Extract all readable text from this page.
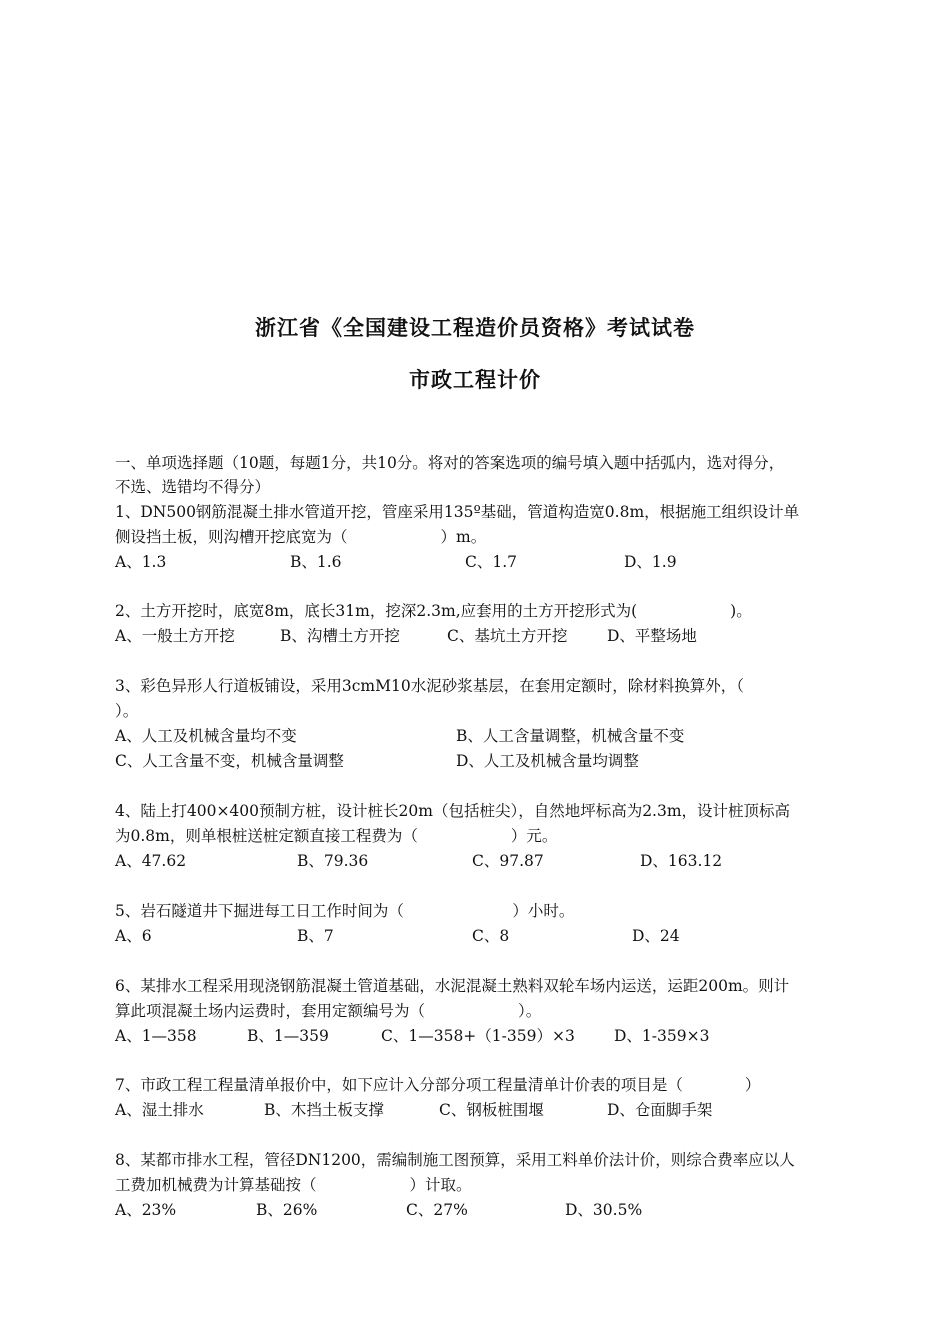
浙江省《全国建设工程造价员资格》考试试卷
市政工程计价
一、单项选择题（10题，每题1分，共10分。将对的答案选项的编号填入题中括弧内，选对得分，
不选、选错均不得分）
1、DN500钢筋混凝土排水管道开挖，管座采用135º基础，管道构造宽0.8m，根据施工组织设计单
侧设挡土板，则沟槽开挖底宽为（　　　　　　）m。
A、1.3	B、1.6	C、1.7	D、1.9
2、土方开挖时，底宽8m，底长31m，挖深2.3m,应套用的土方开挖形式为(　　　　　　)。
A、一般土方开挖	B、沟槽土方开挖	C、基坑土方开挖	D、平整场地
3、彩色异形人行道板铺设，采用3cmM10水泥砂浆基层，在套用定额时，除材料换算外，（
）。
A、人工及机械含量均不变	B、人工含量调整，机械含量不变
C、人工含量不变，机械含量调整	D、人工及机械含量均调整
4、陆上打400×400预制方桩，设计桩长20m（包括桩尖），自然地坪标高为2.3m，设计桩顶标高
为0.8m，则单根桩送桩定额直接工程费为（　　　　　　）元。
A、47.62	B、79.36	C、97.87	D、163.12
5、岩石隧道井下掘进每工日工作时间为（　　　　　　　）小时。
A、6	B、7	C、8	D、24
6、某排水工程采用现浇钢筋混凝土管道基础，水泥混凝土熟料双轮车场内运送，运距200m。则计
算此项混凝土场内运费时，套用定额编号为（　　　　　　）。
A、1—358	B、1—359	C、1—358+（1-359）×3	D、1-359×3
7、市政工程工程量清单报价中，如下应计入分部分项工程量清单计价表的项目是（　　　　）
A、湿土排水	B、木挡土板支撑	C、钢板桩围堰	D、仓面脚手架
8、某都市排水工程，管径DN1200，需编制施工图预算，采用工料单价法计价，则综合费率应以人
工费加机械费为计算基础按（　　　　　　）计取。
A、23%	B、26%	C、27%	D、30.5%
